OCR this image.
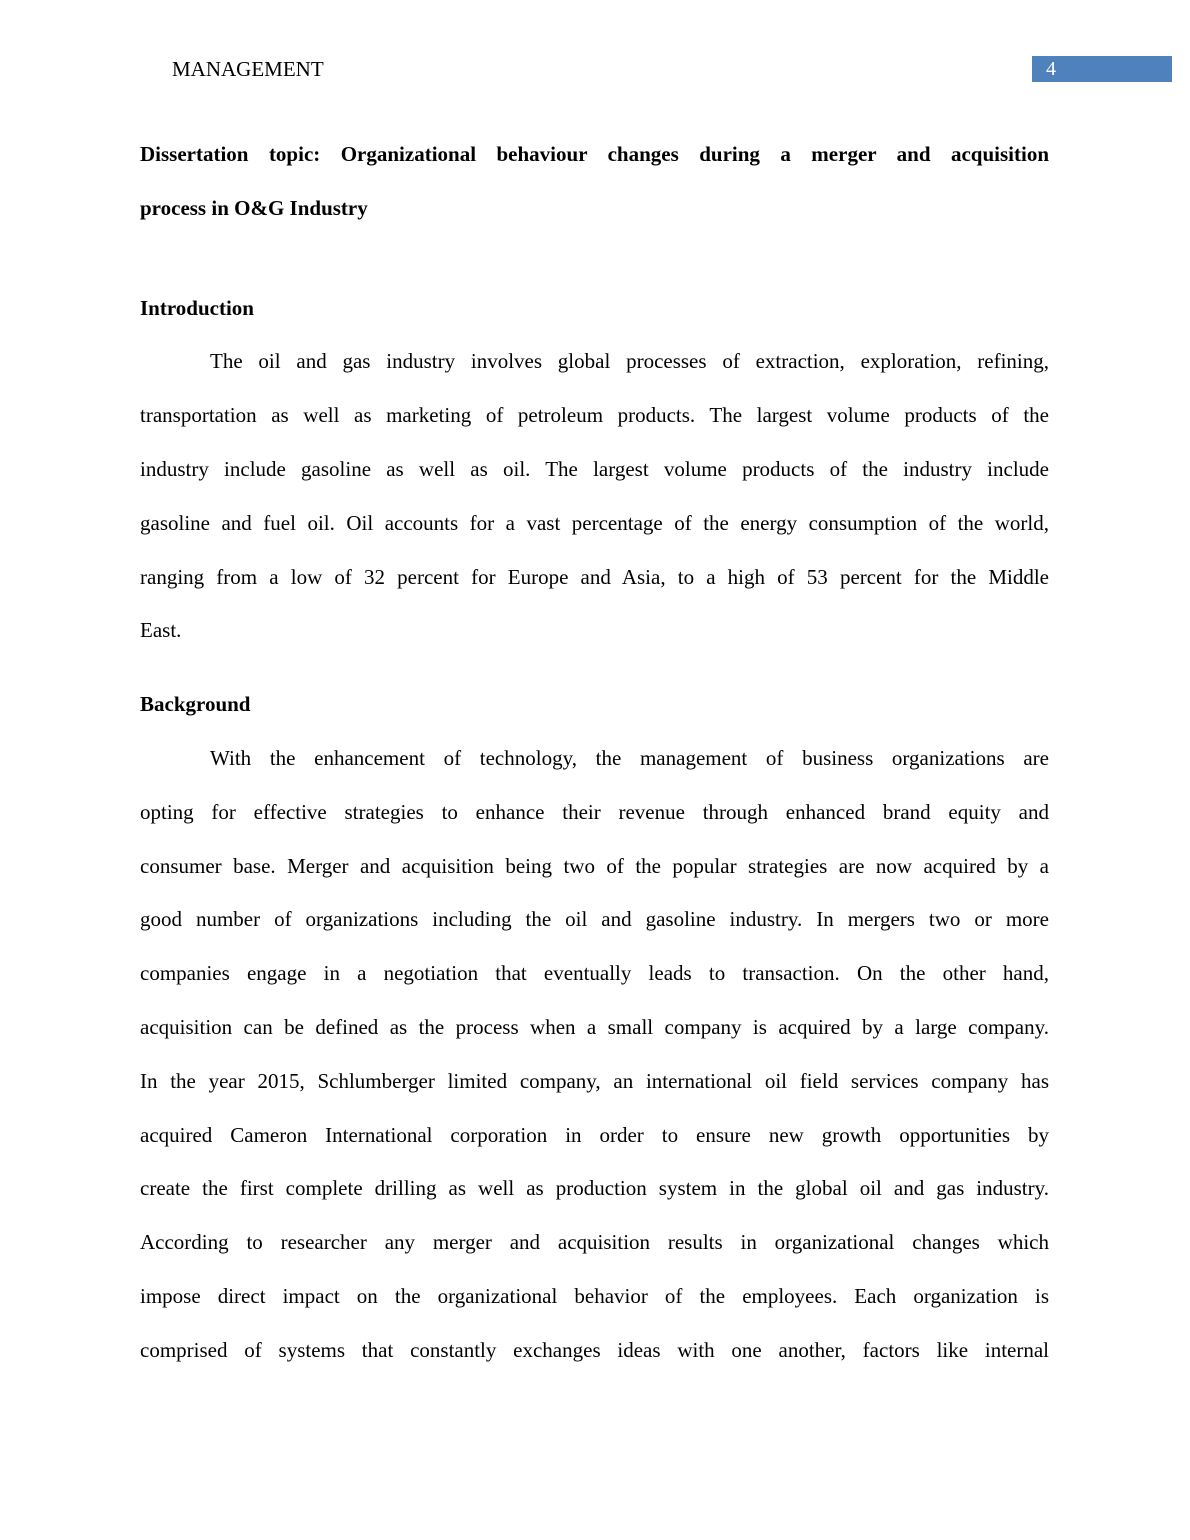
MANAGEMENT	4
Dissertation topic: Organizational behaviour changes during a merger and acquisition
process in O&G Industry
Introduction
The oil and gas industry involves global processes of extraction, exploration, refining,
transportation as well as marketing of petroleum products. The largest volume products of the
industry include gasoline as well as oil. The largest volume products of the industry include
gasoline and fuel oil. Oil accounts for a vast percentage of the energy consumption of the world,
ranging from a low of 32 percent for Europe and Asia, to a high of 53 percent for the Middle
East.
Background
With the enhancement of technology, the management of business organizations are
opting for effective strategies to enhance their revenue through enhanced brand equity and
consumer base. Merger and acquisition being two of the popular strategies are now acquired by a
good number of organizations including the oil and gasoline industry. In mergers two or more
companies engage in a negotiation that eventually leads to transaction. On the other hand,
acquisition can be defined as the process when a small company is acquired by a large company.
In the year 2015, Schlumberger limited company, an international oil field services company has
acquired Cameron International corporation in order to ensure new growth opportunities by
create the first complete drilling as well as production system in the global oil and gas industry.
According to researcher any merger and acquisition results in organizational changes which
impose direct impact on the organizational behavior of the employees. Each organization is
comprised of systems that constantly exchanges ideas with one another, factors like internal
